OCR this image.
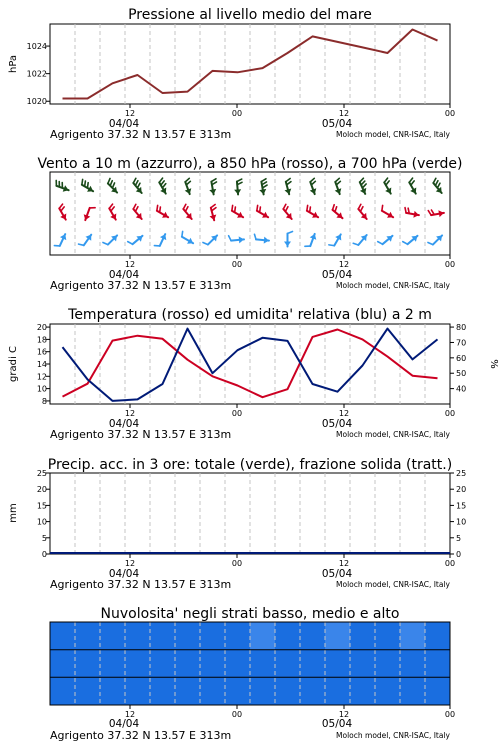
Pressione al livello medio del mare
hPa
1020
1022
1024
12	00	12	00
04/04	05/04
Agrigento 37.32 N 13.57 E 313m	Moloch model, CNR-ISAC, Italy
Vento a 10 m (azzurro), a 850 hPa (rosso), a 700 hPa (verde)
12	00	12	00
04/04	05/04
Agrigento 37.32 N 13.57 E 313m	Moloch model, CNR-ISAC, Italy
Temperatura (rosso) ed umidita' relativa (blu) a 2 m
gradi C	%
8
10
12
14
16
18
20
40
50
60
70
80
12	00	12	00
04/04	05/04
Agrigento 37.32 N 13.57 E 313m	Moloch model, CNR-ISAC, Italy
Precip. acc. in 3 ore: totale (verde), frazione solida (tratt.)
mm
0
5
10
15
20
25
0
5
10
15
20
25
12	00	12	00
04/04	05/04
Agrigento 37.32 N 13.57 E 313m	Moloch model, CNR-ISAC, Italy
Nuvolosita' negli strati basso, medio e alto
12	00	12	00
04/04	05/04
Agrigento 37.32 N 13.57 E 313m	Moloch model, CNR-ISAC, Italy
